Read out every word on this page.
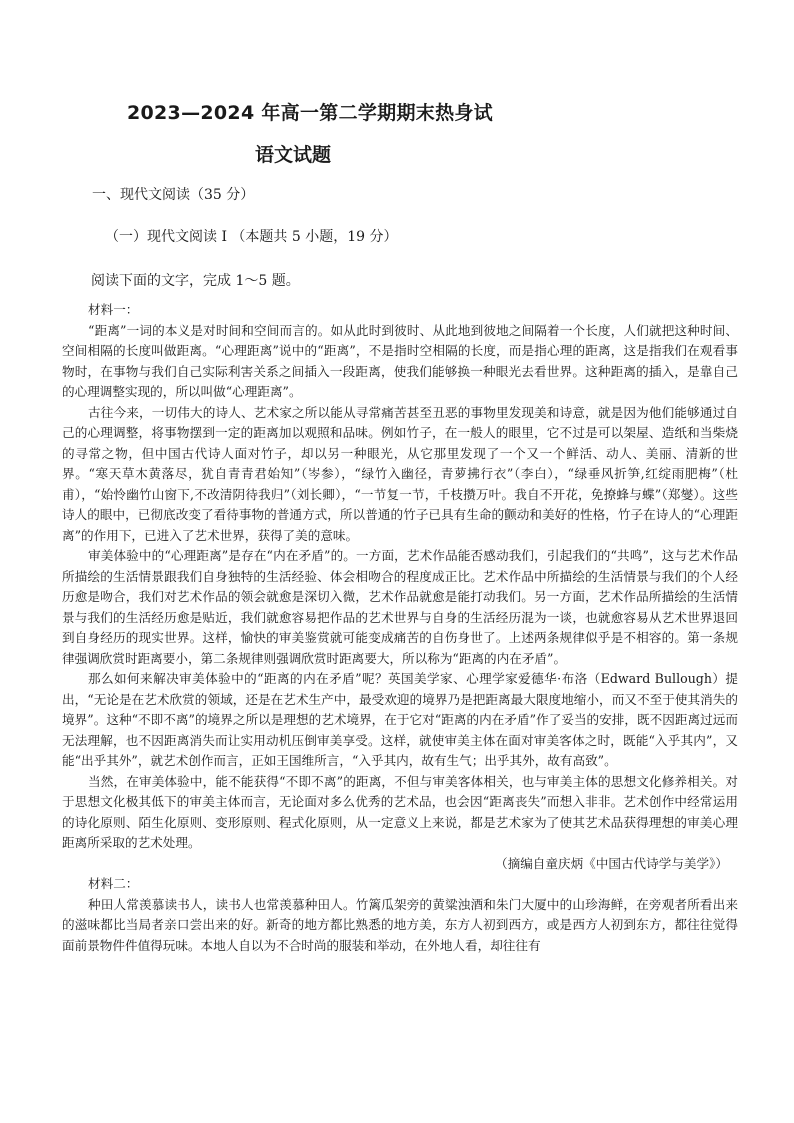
2023—2024 年高一第二学期期末热身试
语文试题
一、现代文阅读（35 分）
（一）现代文阅读 I （本题共 5 小题，19 分）
阅读下面的文字，完成 1～5 题。

材料一：

“距离”一词的本义是对时间和空间而言的。如从此时到彼时、从此地到彼地之间隔着一个长度，人们就把这种时间、空间相隔的长度叫做距离。“心理距离”说中的“距离”，不是指时空相隔的长度，而是指心理的距离，这是指我们在观看事物时，在事物与我们自己实际利害关系之间插入一段距离，使我们能够换一种眼光去看世界。这种距离的插入，是靠自己的心理调整实现的，所以叫做“心理距离”。

古往今来，一切伟大的诗人、艺术家之所以能从寻常痛苦甚至丑恶的事物里发现美和诗意，就是因为他们能够通过自己的心理调整，将事物摆到一定的距离加以观照和品味。例如竹子，在一般人的眼里，它不过是可以架屋、造纸和当柴烧的寻常之物，但中国古代诗人面对竹子，却以另一种眼光，从它那里发现了一个又一个鲜活、动人、美丽、清新的世界。“寒天草木黄落尽，犹自青青君始知”（岑参），“绿竹入幽径，青萝拂行衣”（李白），“绿垂风折笋,红绽雨肥梅”（杜甫），“始怜幽竹山窗下,不改清阴待我归”（刘长卿），“一节复一节，千枝攒万叶。我自不开花，免撩蜂与蝶”（郑燮）。这些诗人的眼中，已彻底改变了看待事物的普通方式，所以普通的竹子已具有生命的颤动和美好的性格，竹子在诗人的“心理距离”的作用下，已进入了艺术世界，获得了美的意味。

审美体验中的“心理距离”是存在“内在矛盾”的。一方面，艺术作品能否感动我们，引起我们的“共鸣”，这与艺术作品所描绘的生活情景跟我们自身独特的生活经验、体会相吻合的程度成正比。艺术作品中所描绘的生活情景与我们的个人经历愈是吻合，我们对艺术作品的领会就愈是深切入微，艺术作品就愈是能打动我们。另一方面，艺术作品所描绘的生活情景与我们的生活经历愈是贴近，我们就愈容易把作品的艺术世界与自身的生活经历混为一谈，也就愈容易从艺术世界退回到自身经历的现实世界。这样，愉快的审美鉴赏就可能变成痛苦的自伤身世了。上述两条规律似乎是不相容的。第一条规律强调欣赏时距离要小，第二条规律则强调欣赏时距离要大，所以称为“距离的内在矛盾”。

那么如何来解决审美体验中的“距离的内在矛盾”呢？英国美学家、心理学家爱德华·布洛（Edward Bullough）提出，“无论是在艺术欣赏的领域，还是在艺术生产中，最受欢迎的境界乃是把距离最大限度地缩小，而又不至于使其消失的境界”。这种“不即不离”的境界之所以是理想的艺术境界，在于它对“距离的内在矛盾”作了妥当的安排，既不因距离过远而无法理解，也不因距离消失而让实用动机压倒审美享受。这样，就使审美主体在面对审美客体之时，既能“入乎其内”，又能“出乎其外”，就艺术创作而言，正如王国维所言，“入乎其内，故有生气；出乎其外，故有高致”。

当然，在审美体验中，能不能获得“不即不离”的距离，不但与审美客体相关，也与审美主体的思想文化修养相关。对于思想文化极其低下的审美主体而言，无论面对多么优秀的艺术品，也会因“距离丧失”而想入非非。艺术创作中经常运用的诗化原则、陌生化原则、变形原则、程式化原则，从一定意义上来说，都是艺术家为了使其艺术品获得理想的审美心理距离所采取的艺术处理。

（摘编自童庆炳《中国古代诗学与美学》）

材料二：

种田人常羡慕读书人，读书人也常羡慕种田人。竹篱瓜架旁的黄粱浊酒和朱门大厦中的山珍海鲜，在旁观者所看出来的滋味都比当局者亲口尝出来的好。新奇的地方都比熟悉的地方美，东方人初到西方，或是西方人初到东方，都往往觉得面前景物件件值得玩味。本地人自以为不合时尚的服装和举动，在外地人看，却往往有
